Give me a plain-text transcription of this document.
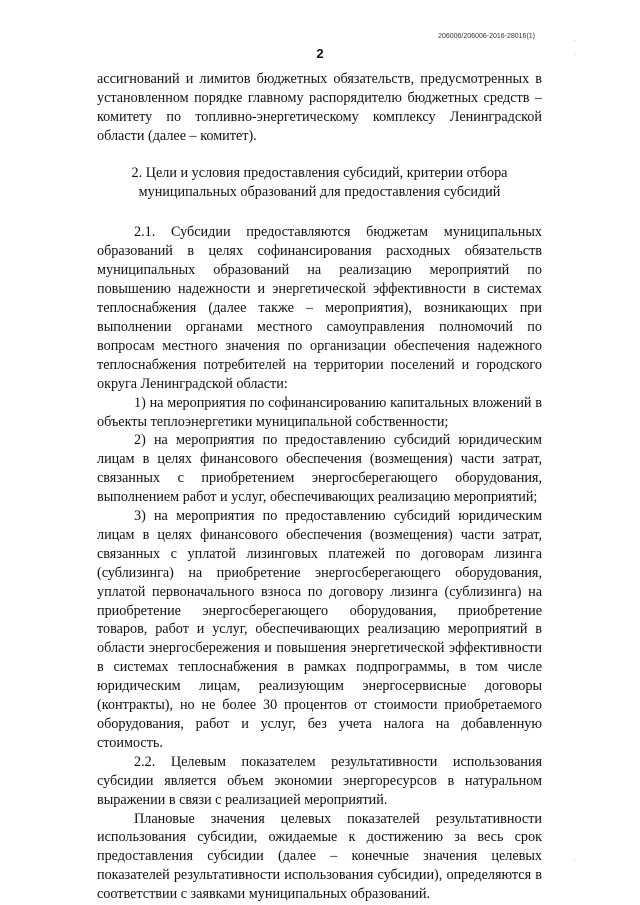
206006/206006-2016-28016(1)
2
·
·
·

ассигнований и лимитов бюджетных обязательств, предусмотренных в установленном порядке главному распорядителю бюджетных средств – комитету по топливно-энергетическому комплексу Ленинградской области (далее – комитет).

2. Цели и условия предоставления субсидий, критерии отбора муниципальных образований для предоставления субсидий

2.1. Субсидии предоставляются бюджетам муниципальных образований в целях софинансирования расходных обязательств муниципальных образований на реализацию мероприятий по повышению надежности и энергетической эффективности в системах теплоснабжения (далее также – мероприятия), возникающих при выполнении органами местного самоуправления полномочий по вопросам местного значения по организации обеспечения надежного теплоснабжения потребителей на территории поселений и городского округа Ленинградской области:

1) на мероприятия по софинансированию капитальных вложений в объекты теплоэнергетики муниципальной собственности;

2) на мероприятия по предоставлению субсидий юридическим лицам в целях финансового обеспечения (возмещения) части затрат, связанных с приобретением энергосберегающего оборудования, выполнением работ и услуг, обеспечивающих реализацию мероприятий;

3) на мероприятия по предоставлению субсидий юридическим лицам в целях финансового обеспечения (возмещения) части затрат, связанных с уплатой лизинговых платежей по договорам лизинга (сублизинга) на приобретение энергосберегающего оборудования, уплатой первоначального взноса по договору лизинга (сублизинга) на приобретение энергосберегающего оборудования, приобретение товаров, работ и услуг, обеспечивающих реализацию мероприятий в области энергосбережения и повышения энергетической эффективности в системах теплоснабжения в рамках подпрограммы, в том числе юридическим лицам, реализующим энергосервисные договоры (контракты), но не более 30 процентов от стоимости приобретаемого оборудования, работ и услуг, без учета налога на добавленную стоимость.

2.2. Целевым показателем результативности использования субсидии является объем экономии энергоресурсов в натуральном выражении в связи с реализацией мероприятий.

Плановые значения целевых показателей результативности использования субсидии, ожидаемые к достижению за весь срок предоставления субсидии (далее – конечные значения целевых показателей результативности использования субсидии), определяются в соответствии с заявками муниципальных образований.
